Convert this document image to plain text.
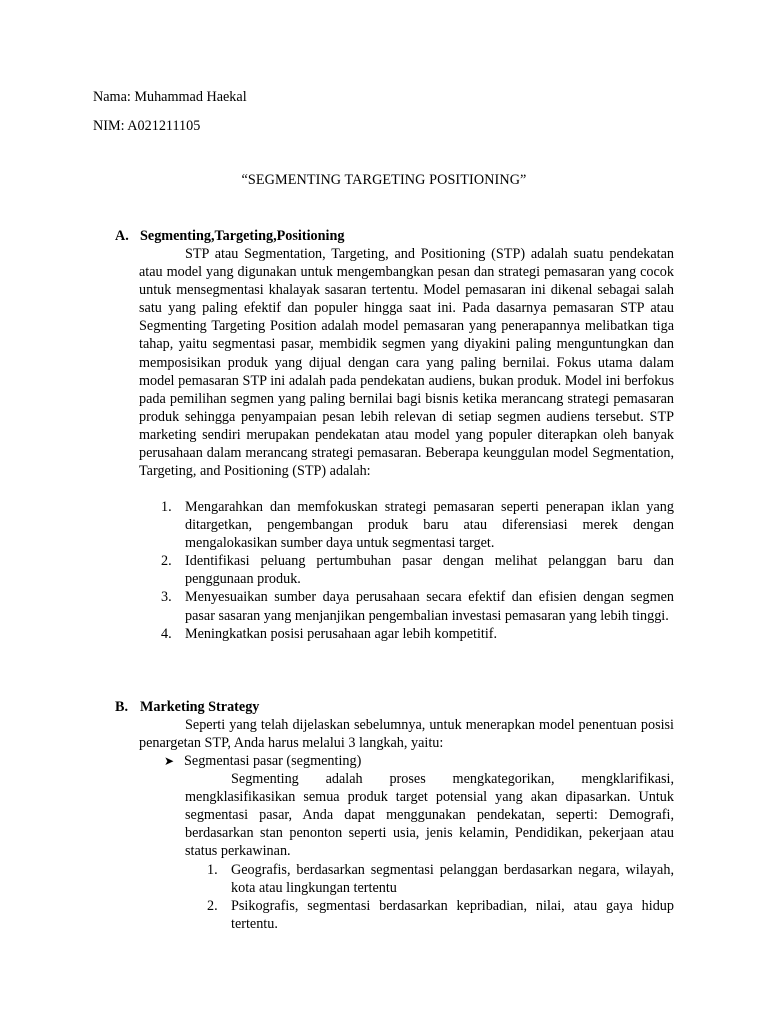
Nama: Muhammad Haekal
NIM: A021211105
“SEGMENTING TARGETING POSITIONING”
A. Segmenting,Targeting,Positioning

STP atau Segmentation, Targeting, and Positioning (STP) adalah suatu pendekatan atau model yang digunakan untuk mengembangkan pesan dan strategi pemasaran yang cocok untuk mensegmentasi khalayak sasaran tertentu. Model pemasaran ini dikenal sebagai salah satu yang paling efektif dan populer hingga saat ini. Pada dasarnya pemasaran STP atau Segmenting Targeting Position adalah model pemasaran yang penerapannya melibatkan tiga tahap, yaitu segmentasi pasar, membidik segmen yang diyakini paling menguntungkan dan memposisikan produk yang dijual dengan cara yang paling bernilai. Fokus utama dalam model pemasaran STP ini adalah pada pendekatan audiens, bukan produk. Model ini berfokus pada pemilihan segmen yang paling bernilai bagi bisnis ketika merancang strategi pemasaran produk sehingga penyampaian pesan lebih relevan di setiap segmen audiens tersebut. STP marketing sendiri merupakan pendekatan atau model yang populer diterapkan oleh banyak perusahaan dalam merancang strategi pemasaran. Beberapa keunggulan model Segmentation, Targeting, and Positioning (STP) adalah:

1. Mengarahkan dan memfokuskan strategi pemasaran seperti penerapan iklan yang ditargetkan, pengembangan produk baru atau diferensiasi merek dengan mengalokasikan sumber daya untuk segmentasi target.
2. Identifikasi peluang pertumbuhan pasar dengan melihat pelanggan baru dan penggunaan produk.
3. Menyesuaikan sumber daya perusahaan secara efektif dan efisien dengan segmen pasar sasaran yang menjanjikan pengembalian investasi pemasaran yang lebih tinggi.
4. Meningkatkan posisi perusahaan agar lebih kompetitif.
B. Marketing Strategy

Seperti yang telah dijelaskan sebelumnya, untuk menerapkan model penentuan posisi penargetan STP, Anda harus melalui 3 langkah, yaitu:

➤ Segmentasi pasar (segmenting)

Segmenting adalah proses mengkategorikan, mengklarifikasi, mengklasifikasikan semua produk target potensial yang akan dipasarkan. Untuk segmentasi pasar, Anda dapat menggunakan pendekatan, seperti: Demografi, berdasarkan stan penonton seperti usia, jenis kelamin, Pendidikan, pekerjaan atau status perkawinan.

1. Geografis, berdasarkan segmentasi pelanggan berdasarkan negara, wilayah, kota atau lingkungan tertentu
2. Psikografis, segmentasi berdasarkan kepribadian, nilai, atau gaya hidup tertentu.
